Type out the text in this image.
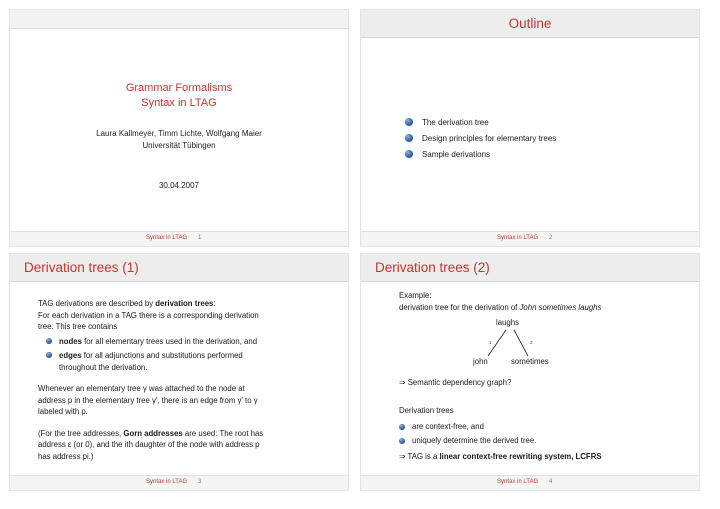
Grammar Formalisms
Syntax in LTAG
Laura Kallmeyer, Timm Lichte, Wolfgang Maier
Universität Tübingen
30.04.2007
Syntax in LTAG 1
Outline
The derivation tree
Design principles for elementary trees
Sample derivations
Syntax in LTAG 2
Derivation trees (1)

TAG derivations are described by derivation trees:

For each derivation in a TAG there is a corresponding derivation

tree. This tree contains

nodes for all elementary trees used in the derivation, and
edges for all adjunctions and substitutions performed
throughout the derivation.

Whenever an elementary tree γ was attached to the node at

address p in the elementary tree γ′, there is an edge from γ′ to γ

labeled with p.

(For the tree addresses, Gorn addresses are used: The root has

address ε (or 0), and the ith daughter of the node with address p

has address pi.)

Syntax in LTAG 3
Derivation trees (2)

Example:

derivation tree for the derivation of John sometimes laughs

laughs
1	2
john	sometimes
⇒ Semantic dependency graph?
Derivation trees
are context-free, and
uniquely determine the derived tree.
⇒ TAG is a linear context-free rewriting system, LCFRS
Syntax in LTAG 4
